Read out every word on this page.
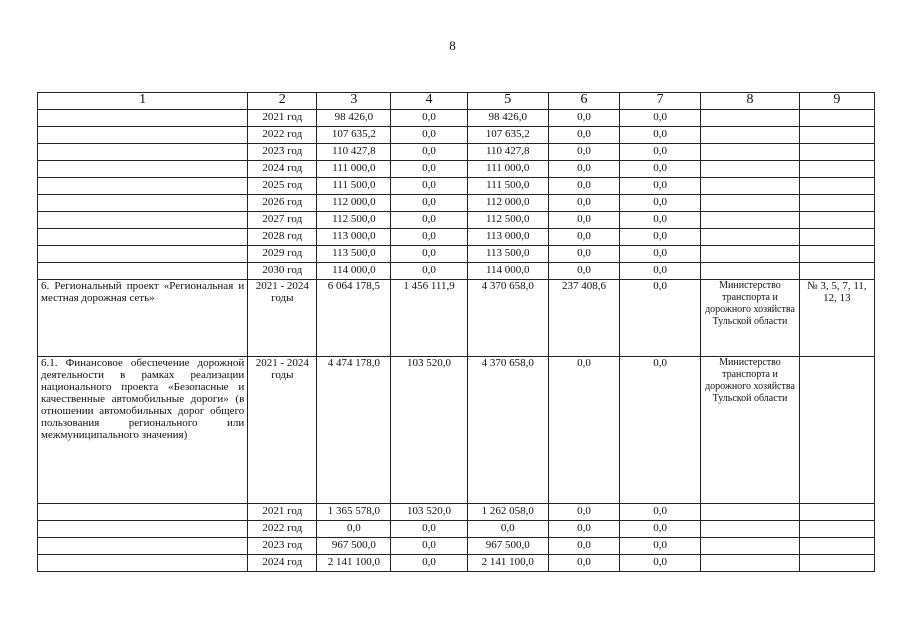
8
1	2	3	4	5	6	7	8	9
	2021 год	98 426,0	0,0	98 426,0	0,0	0,0		
	2022 год	107 635,2	0,0	107 635,2	0,0	0,0		
	2023 год	110 427,8	0,0	110 427,8	0,0	0,0		
	2024 год	111 000,0	0,0	111 000,0	0,0	0,0		
	2025 год	111 500,0	0,0	111 500,0	0,0	0,0		
	2026 год	112 000,0	0,0	112 000,0	0,0	0,0		
	2027 год	112 500,0	0,0	112 500,0	0,0	0,0		
	2028 год	113 000,0	0,0	113 000,0	0,0	0,0		
	2029 год	113 500,0	0,0	113 500,0	0,0	0,0		
	2030 год	114 000,0	0,0	114 000,0	0,0	0,0		
6. Региональный проект «Региональная и местная дорожная сеть»	2021 - 2024 годы	6 064 178,5	1 456 111,9	4 370 658,0	237 408,6	0,0	Министерство транспорта и дорожного хозяйства Тульской области	№ 3, 5, 7, 11, 12, 13
6.1. Финансовое обеспечение дорожной деятельности в рамках реализации национального проекта «Безопасные и качественные автомобильные дороги» (в отношении автомобильных дорог общего пользования регионального или межмуниципального значения)	2021 - 2024 годы	4 474 178,0	103 520,0	4 370 658,0	0,0	0,0	Министерство транспорта и дорожного хозяйства Тульской области	
	2021 год	1 365 578,0	103 520,0	1 262 058,0	0,0	0,0		
	2022 год	0,0	0,0	0,0	0,0	0,0		
	2023 год	967 500,0	0,0	967 500,0	0,0	0,0		
	2024 год	2 141 100,0	0,0	2 141 100,0	0,0	0,0		
